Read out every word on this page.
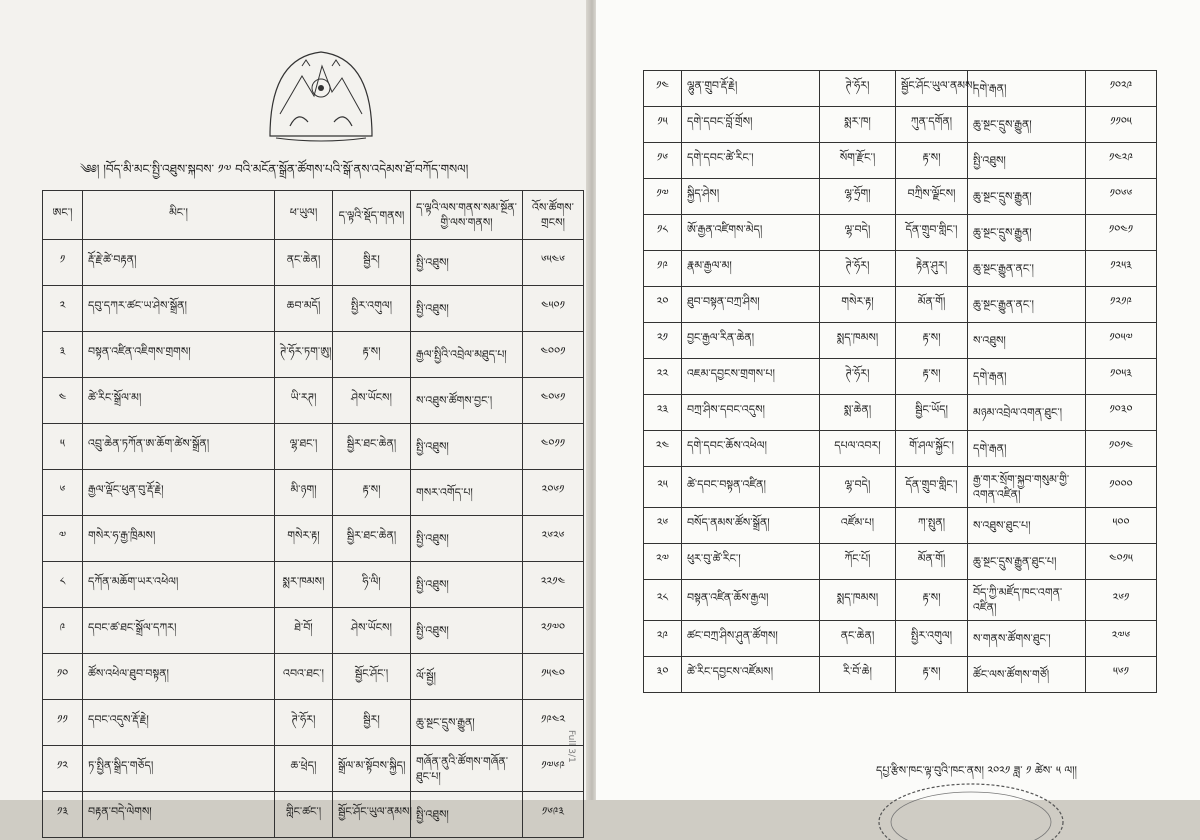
༄༅། །བོད་མི་མང་སྤྱི་འཐུས་སྐབས་ ༡༧ བའི་མངོན་སྒྲོན་ཚོགས་པའི་སྒོ་ནས་འདེམས་ཐོ་བཀོད་གསལ།
ཨང་།	མིང་།	ཕ་ཡུལ།	ད་ལྟའི་སྡོད་གནས།	ད་ལྟའི་ལས་གནས་སམ་སྔོན་གྱི་ལས་གནས།	འོས་ཚོགས་གྲངས།
༡	རྡོ་རྗེ་ཚེ་བརྟན།	ནང་ཆེན།	སྦྱིར།	སྤྱི་འཐུས།	༦༥༤༦
༢	དབུ་དཀར་ཚང་ཡ་ཤེས་སྒྲོན།	ཆབ་མདོ།	སྤྱིར་འགུལ།	སྤྱི་འཐུས།	༤༥༠༡
༣	བསྟན་འཛིན་འཇིགས་གྲགས།	ཊེ་ཧོར་ཏག་ཨུ།	རྟ་ས།	རྒྱལ་སྤྱིའི་འབྲེལ་མཐུད་པ།	༤༠༠༡
༤	ཚེ་རིང་སྒྲོལ་མ།	ཡི་རཊ།	ཤེས་ཡོངས།	ས་འཐུས་ཚོགས་བྱང་།	༤༠༦༡
༥	འབྲུ་ཆེན་ཏཀོན་ཨ་ཆོག་ཚེས་སྒྲོན།	ལྷ་ཐང་།	སྦྱིར་ཐང་ཆེན།	སྤྱི་འཐུས།	༤༠༡༡
༦	རྒྱལ་ལྡོང་ཕུན་བུ་རྡོ་རྗེ།	མི་ཉག།	རྟ་ས།	གསར་འགོད་པ།	༢༠༦༡
༧	གསེར་ཧ་རྒྱ་ཁྲིམས།	གསེར་རྟ།	སྦྱིར་ཐང་ཆེན།	སྤྱི་འཐུས།	༢༦༢༦
༨	དཀོན་མཆོག་ཡར་འཕེལ།	སྨར་ཁམས།	ཧི་ལི།	སྤྱི་འཐུས།	༢༢༡༤
༩	དབང་ཚ་ཐང་སྒྲོལ་དཀར།	ཐེ་བོ།	ཤེས་ཡོངས།	སྤྱི་འཐུས།	༢༡༧༠
༡༠	ཚོས་འཕེལ་ཐུབ་བསྟན།	འབའ་ཐང་།	སྦྱོང་ཤོང་།	ལོ་སྦྱོ།	༡༥༤༠
༡༡	དབང་འདུས་རྡོ་རྗེ།	ཊེ་ཧོར།	སྦྱིར།	ཆུ་སྔང་དྲུས་རྒྱུན།	༡༩༤༢
༡༢	ཏ་སྤྱིན་སྒྲིད་གཅོད།	ཆ་ཕྲེད།	སྒྲོལ་མ་སྟོབས་སྐྱིད།	གཞོན་ནུའི་ཚོགས་གཞོན་ཐུང་པ།	༡༧༦༩
༡༣	བརྟན་བདེ་ལེགས།	གླིང་ཚང་།	སྦྱོང་ཤོང་ཡུལ་ནམས།	སྤྱི་འཐུས།	༡༦༩༣
Full 3/1
༡༤	ལྷུན་གྲུབ་རྡོ་རྗེ།	ཊེ་ཧོར།	སྦྱོང་ཤོང་ཡུལ་ནམས།	དགེ་རྒན།	༡༠༢༩
༡༥	དགེ་དབང་བློ་གྲོས།	སྨར་ཁ།	ཀུན་དགོན།	ཆུ་སྔང་དྲུས་རྒྱུན།	༡༡༠༥
༡༦	དགེ་དབང་ཚེ་རིང་།	སོག་རྫོང་།	རྟ་ས།	སྤྱི་འཐུས།	༡༤༢༩
༡༧	སྐྱིད་ཤེས།	ལྷ་ཧྲོག།	བཀྲིས་ལྗོངས།	ཆུ་སྔང་དྲུས་རྒྱུན།	༡༠༦༦
༡༨	ཨོ་རྒྱན་འཛིགས་མེད།	ལྷ་བདེ།	དོན་གྲུབ་གླིང་།	ཆུ་སྔང་དྲུས་རྒྱུན།	༡༠༤༡
༡༩	རྣམ་རྒྱལ་མ།	ཊེ་ཧོར།	རྟེན་ཤུར།	ཆུ་སྔང་རྒྱུན་ནང་།	༡༢༥༣
༢༠	ཐུབ་བསྟན་བཀྲ་ཤིས།	གསེར་རྟ།	མོན་གོ།	ཆུ་སྔང་རྒྱུན་ནང་།	༡༢༡༩
༢༡	བྱང་རྒྱལ་རིན་ཆེན།	སྨད་ཁམས།	རྟ་ས།	ས་འཐུས།	༡༠༥༧
༢༢	འཇམ་དབྱངས་གྲགས་པ།	ཊེ་ཧོར།	རྟ་ས།	དགེ་རྒན།	༡༠༥༣
༢༣	བཀྲ་ཤིས་དབང་འདུས།	སྨ་ཆེན།	སྦྱིང་ཡོད།	མཉམ་འབྲེལ་འགན་ཐུང་།	༡༠༣༠
༢༤	དགེ་དབང་ཆོས་འཕེལ།	དཔལ་འབར།	གོ་ཤལ་སྐྱོང་།	དགེ་རྒན།	༡༠༡༤
༢༥	ཚེ་དབང་བསྟན་འཛིན།	ལྷ་བདེ།	དོན་གྲུབ་གླིང་།	རྒྱ་གར་སྲོག་སྐྱབ་གསུམ་གྱི་འགན་འཛིན།	༡༠༠༠
༢༦	བསོད་ནམས་ཚོས་སྒྲོན།	འཛོམ་པ།	ཀ་སྤུན།	ས་འཐུས་ཐུང་པ།	༥༠༠
༢༧	ཕུར་བུ་ཚེ་རིང་།	ཀོང་པོ།	མོན་གོ།	ཆུ་སྔང་དྲུས་རྒྱུན་ཐུང་པ།	༤༠༡༥
༢༨	བསྟན་འཛིན་ཆོས་རྒྱལ།	སྨད་ཁམས།	རྟ་ས།	བོད་ཀྱི་མཛོད་ཁང་འགན་འཛིན།	༢༦༡
༢༩	ཚང་བཀྲ་ཤིས་ཤུན་ཚོགས།	ནང་ཆེན།	སྤྱིར་འགུལ།	ས་གནས་ཚོགས་ཐུང་།	༢༧༦
༣༠	ཚེ་རིང་དབྱངས་འཛོམས།	རི་བོ་ཆེ།	རྟ་ས།	ཚོང་ལས་ཚོགས་གཙོ།	༥༦༡
དཔྱ་རྩིས་ཁང་ལྟ་བུའི་ཁང་ནས། ༢༠༢༡ ཟླ་ ༡ ཚེས་ ༥ ལ།།
